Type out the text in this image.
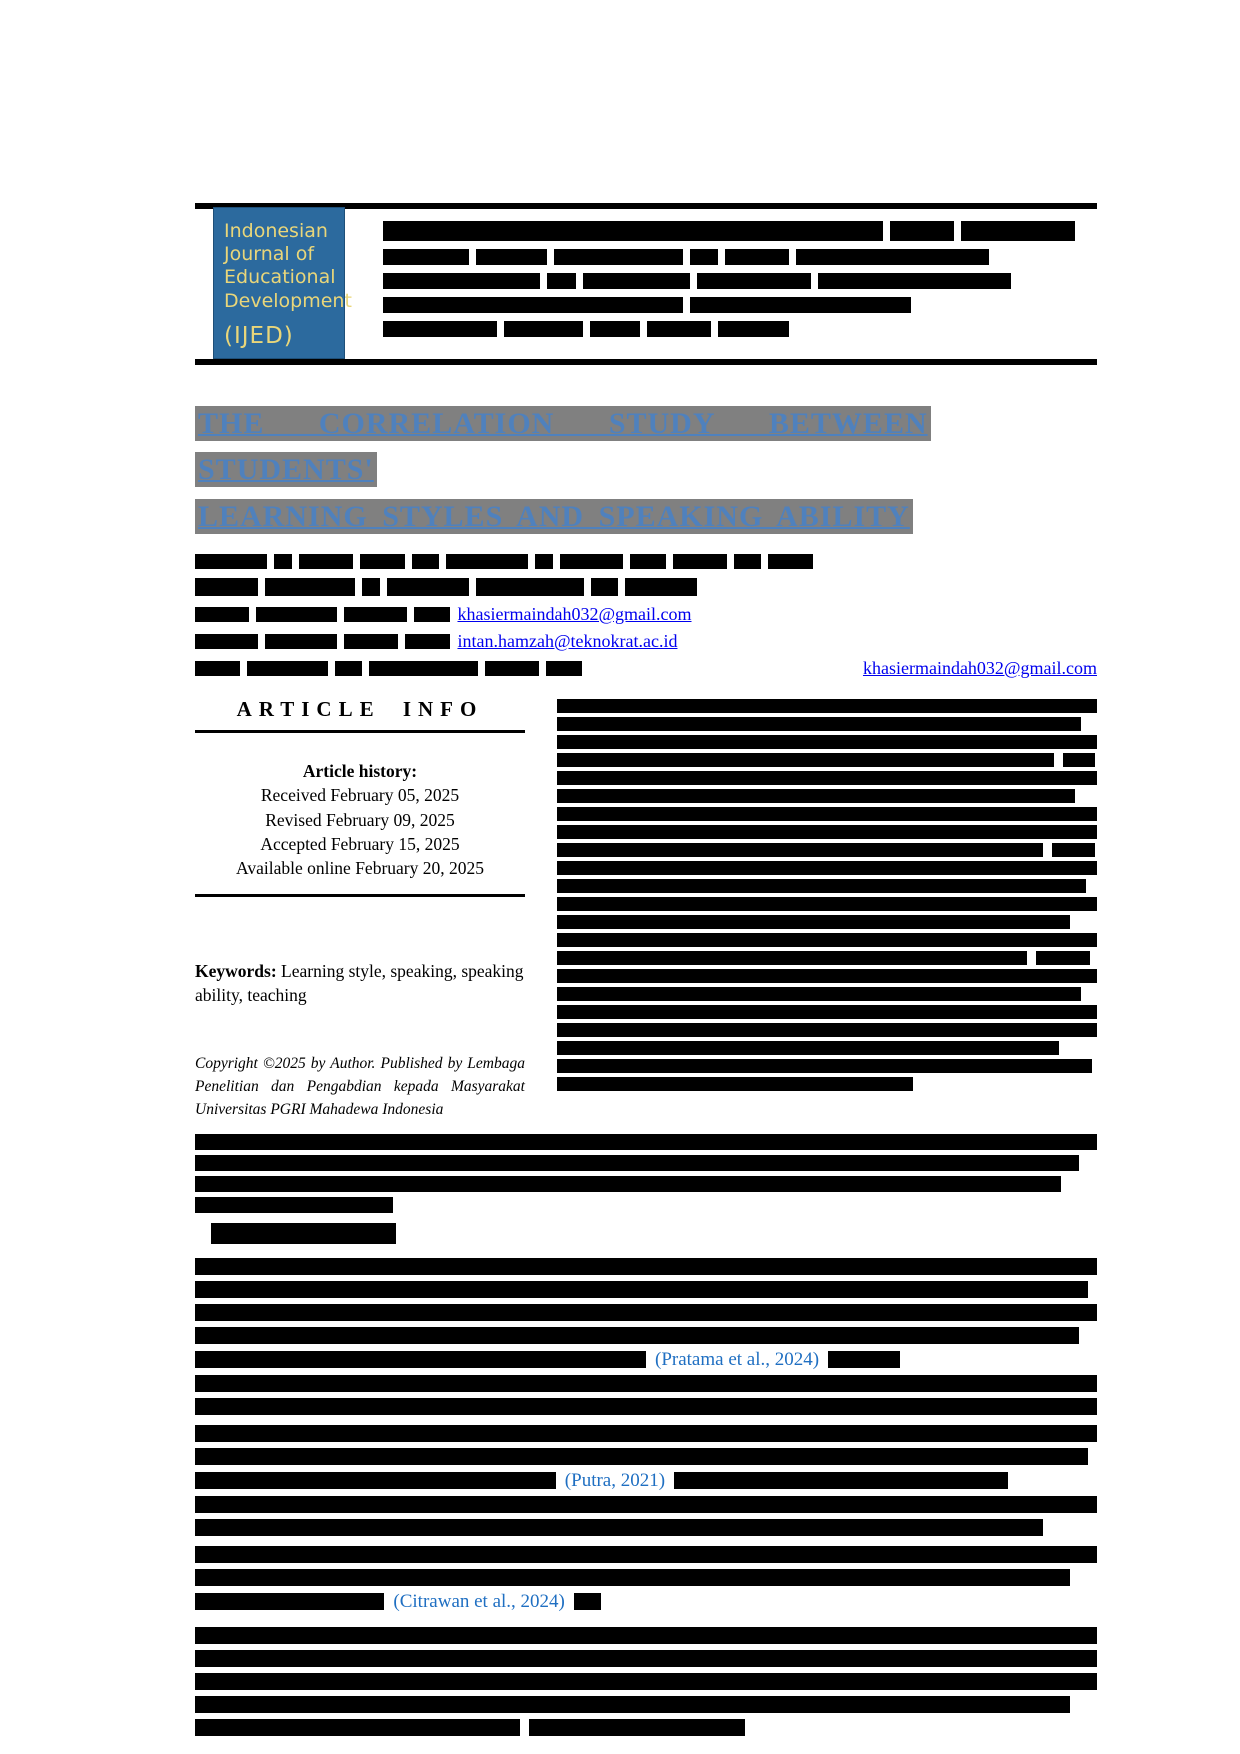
Indonesian
Journal of
Educational
Development
(IJED)
THE CORRELATION STUDY BETWEEN STUDENTS'
LEARNING STYLES AND SPEAKING ABILITY
khasiermaindah032@gmail.com
intan.hamzah@teknokrat.ac.id
khasiermaindah032@gmail.com
ARTICLE INFO
Article history:
Received February 05, 2025
Revised February 09, 2025
Accepted February 15, 2025
Available online February 20, 2025

Keywords: Learning style, speaking, speaking ability, teaching

Copyright ©2025 by Author. Published by Lembaga Penelitian dan Pengabdian kepada Masyarakat Universitas PGRI Mahadewa Indonesia

(Pratama et al., 2024)
(Putra, 2021)
(Citrawan et al., 2024)
